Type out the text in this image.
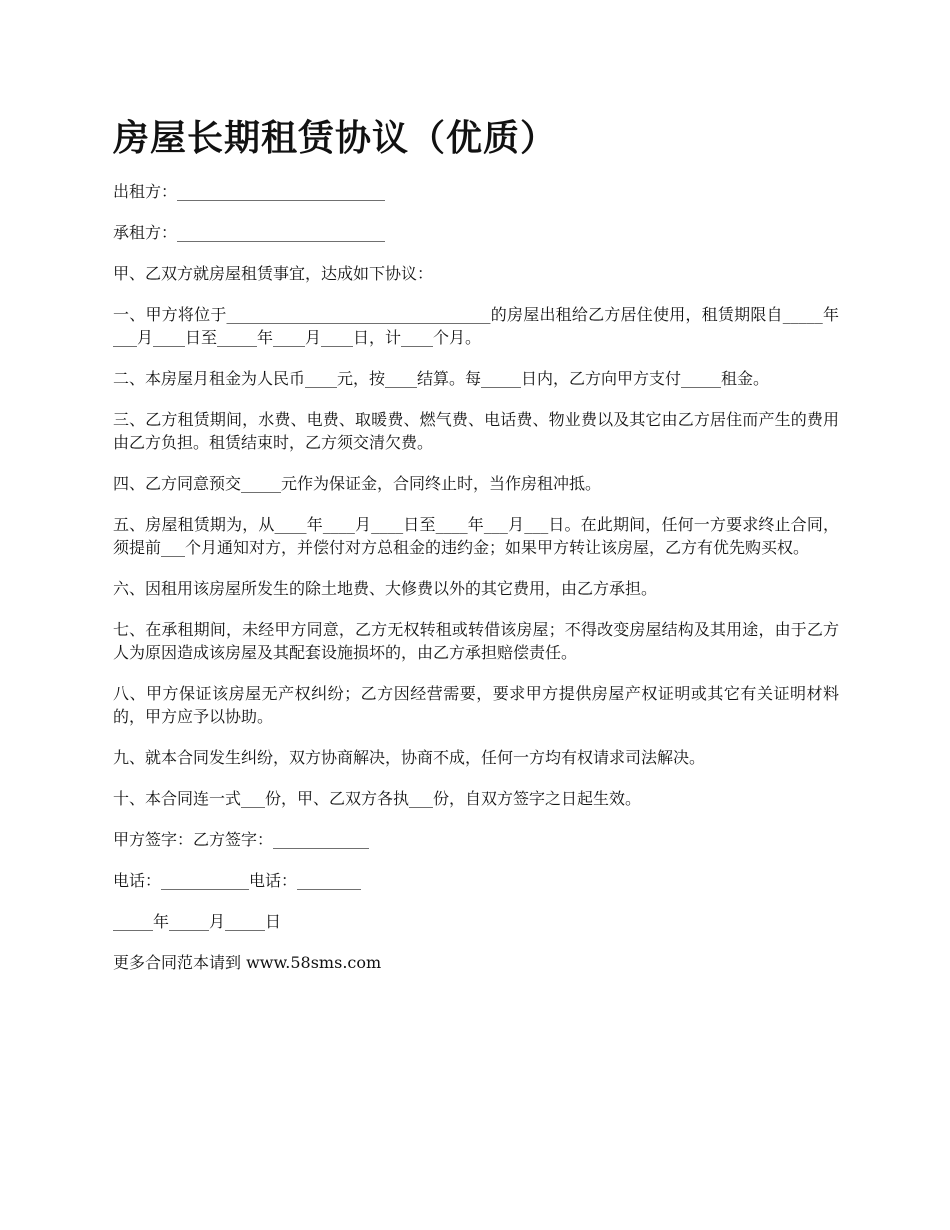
房屋长期租赁协议（优质）
出租方：__________________________
承租方：__________________________
甲、乙双方就房屋租赁事宜，达成如下协议：
一、甲方将位于_________________________________的房屋出租给乙方居住使用，租赁期限自_____年___月____日至_____年____月____日，计____个月。
二、本房屋月租金为人民币____元，按____结算。每_____日内，乙方向甲方支付_____租金。
三、乙方租赁期间，水费、电费、取暖费、燃气费、电话费、物业费以及其它由乙方居住而产生的费用由乙方负担。租赁结束时，乙方须交清欠费。
四、乙方同意预交_____元作为保证金，合同终止时，当作房租冲抵。
五、房屋租赁期为，从____年____月____日至____年___月___日。在此期间，任何一方要求终止合同，须提前___个月通知对方，并偿付对方总租金的违约金；如果甲方转让该房屋，乙方有优先购买权。
六、因租用该房屋所发生的除土地费、大修费以外的其它费用，由乙方承担。
七、在承租期间，未经甲方同意，乙方无权转租或转借该房屋；不得改变房屋结构及其用途，由于乙方人为原因造成该房屋及其配套设施损坏的，由乙方承担赔偿责任。
八、甲方保证该房屋无产权纠纷；乙方因经营需要，要求甲方提供房屋产权证明或其它有关证明材料的，甲方应予以协助。
九、就本合同发生纠纷，双方协商解决，协商不成，任何一方均有权请求司法解决。
十、本合同连一式___份，甲、乙双方各执___份，自双方签字之日起生效。
甲方签字：乙方签字：____________
电话：___________电话：________
_____年_____月_____日
更多合同范本请到 www.58sms.com
